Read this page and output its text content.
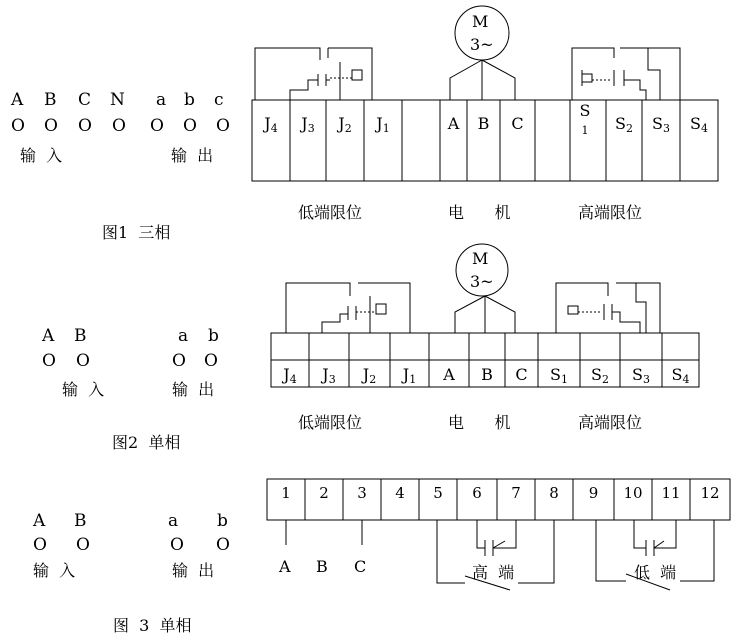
A B C N a b c
O O O O O O O
输  入	输  出
M
3~
$J_4$	$J_3$	$J_2$	$J_1$	A	B	C
S
1	$S_2$	$S_3$	$S_4$
低端限位	电      机	高端限位
图1  三相
A B	a b
O O	O O
输  入	输  出
M
3~
$J_4$	$J_3$	$J_2$	$J_1$	A	B	C	$S_1$	$S_2$	$S_3$	$S_4$
低端限位	电      机	高端限位
图2  单相
A B	a b
O O	O O
输  入	输  出
1	2	3	4	5	6	7	8	9	10	11	12
A B C	高  端	低  端
图  3  单相
